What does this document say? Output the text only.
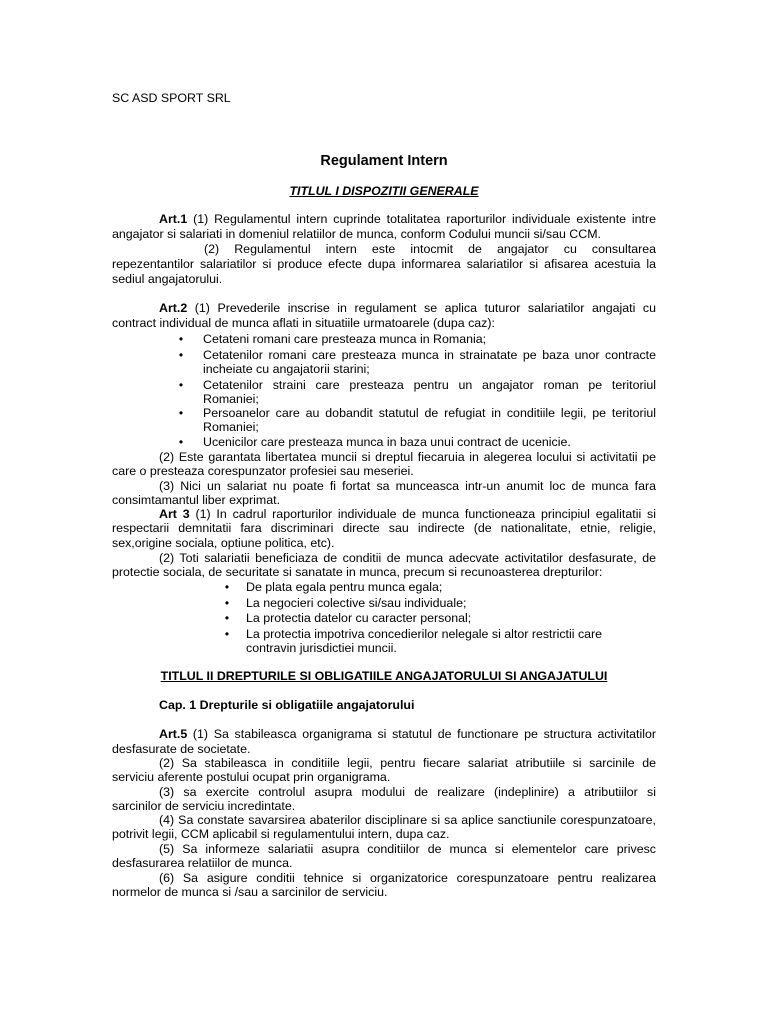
SC ASD SPORT SRL
Regulament Intern
TITLUL I DISPOZITII GENERALE
Art.1 (1) Regulamentul intern cuprinde totalitatea raporturilor individuale existente intre
angajator si salariati in domeniul relatiilor de munca, conform Codului muncii si/sau CCM.
(2) Regulamentul intern este intocmit de angajator cu consultarea
repezentantilor salariatilor si produce efecte dupa informarea salariatilor si afisarea acestuia la
sediul angajatorului.
Art.2 (1) Prevederile inscrise in regulament se aplica tuturor salariatilor angajati cu
contract individual de munca aflati in situatiile urmatoarele (dupa caz):
• Cetateni romani care presteaza munca in Romania;
• Cetatenilor romani care presteaza munca in strainatate pe baza unor contracte
incheiate cu angajatorii starini;
• Cetatenilor straini care presteaza pentru un angajator roman pe teritoriul
Romaniei;
• Persoanelor care au dobandit statutul de refugiat in conditiile legii, pe teritoriul
Romaniei;
• Ucenicilor care presteaza munca in baza unui contract de ucenicie.
(2) Este garantata libertatea muncii si dreptul fiecaruia in alegerea locului si activitatii pe
care o presteaza corespunzator profesiei sau meseriei.
(3) Nici un salariat nu poate fi fortat sa munceasca intr-un anumit loc de munca fara
consimtamantul liber exprimat.
Art 3 (1) In cadrul raporturilor individuale de munca functioneaza principiul egalitatii si
respectarii demnitatii fara discriminari directe sau indirecte (de nationalitate, etnie, religie,
sex,origine sociala, optiune politica, etc).
(2) Toti salariatii beneficiaza de conditii de munca adecvate activitatilor desfasurate, de
protectie sociala, de securitate si sanatate in munca, precum si recunoasterea drepturilor:
• De plata egala pentru munca egala;
• La negocieri colective si/sau individuale;
• La protectia datelor cu caracter personal;
• La protectia impotriva concedierilor nelegale si altor restrictii care
contravin jurisdictiei muncii.
TITLUL II DREPTURILE SI OBLIGATIILE ANGAJATORULUI SI ANGAJATULUI
Cap. 1 Drepturile si obligatiile angajatorului
Art.5 (1) Sa stabileasca organigrama si statutul de functionare pe structura activitatilor
desfasurate de societate.
(2) Sa stabileasca in conditiile legii, pentru fiecare salariat atributiile si sarcinile de
serviciu aferente postului ocupat prin organigrama.
(3) sa exercite controlul asupra modului de realizare (indeplinire) a atributiilor si
sarcinilor de serviciu incredintate.
(4) Sa constate savarsirea abaterilor disciplinare si sa aplice sanctiunile corespunzatoare,
potrivit legii, CCM aplicabil si regulamentului intern, dupa caz.
(5) Sa informeze salariatii asupra conditiilor de munca si elementelor care privesc
desfasurarea relatiilor de munca.
(6) Sa asigure conditii tehnice si organizatorice corespunzatoare pentru realizarea
normelor de munca si /sau a sarcinilor de serviciu.
